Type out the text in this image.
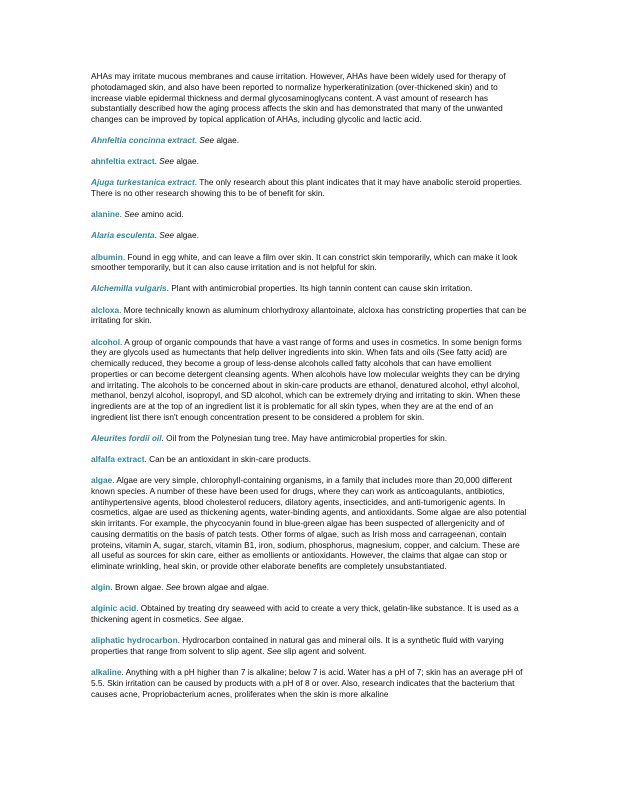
AHAs may irritate mucous membranes and cause irritation. However, AHAs have been widely used for therapy of photodamaged skin, and also have been reported to normalize hyperkeratinization (over-thickened skin) and to increase viable epidermal thickness and dermal glycosaminoglycans content. A vast amount of research has substantially described how the aging process affects the skin and has demonstrated that many of the unwanted changes can be improved by topical application of AHAs, including glycolic and lactic acid.

Ahnfeltia concinna extract. See algae.

ahnfeltia extract. See algae.

Ajuga turkestanica extract. The only research about this plant indicates that it may have anabolic steroid properties. There is no other research showing this to be of benefit for skin.

alanine. See amino acid.

Alaria esculenta. See algae.

albumin. Found in egg white, and can leave a film over skin. It can constrict skin temporarily, which can make it look smoother temporarily, but it can also cause irritation and is not helpful for skin.

Alchemilla vulgaris. Plant with antimicrobial properties. Its high tannin content can cause skin irritation.

alcloxa. More technically known as aluminum chlorhydroxy allantoinate, alcloxa has constricting properties that can be irritating for skin.

alcohol. A group of organic compounds that have a vast range of forms and uses in cosmetics. In some benign forms they are glycols used as humectants that help deliver ingredients into skin. When fats and oils (See fatty acid) are chemically reduced, they become a group of less-dense alcohols called fatty alcohols that can have emollient properties or can become detergent cleansing agents. When alcohols have low molecular weights they can be drying and irritating. The alcohols to be concerned about in skin-care products are ethanol, denatured alcohol, ethyl alcohol, methanol, benzyl alcohol, isopropyl, and SD alcohol, which can be extremely drying and irritating to skin. When these ingredients are at the top of an ingredient list it is problematic for all skin types, when they are at the end of an ingredient list there isn't enough concentration present to be considered a problem for skin.

Aleurites fordii oil. Oil from the Polynesian tung tree. May have antimicrobial properties for skin.

alfalfa extract. Can be an antioxidant in skin-care products.

algae. Algae are very simple, chlorophyll-containing organisms, in a family that includes more than 20,000 different known species. A number of these have been used for drugs, where they can work as anticoagulants, antibiotics, antihypertensive agents, blood cholesterol reducers, dilatory agents, insecticides, and anti-tumorigenic agents. In cosmetics, algae are used as thickening agents, water-binding agents, and antioxidants. Some algae are also potential skin irritants. For example, the phycocyanin found in blue-green algae has been suspected of allergenicity and of causing dermatitis on the basis of patch tests. Other forms of algae, such as Irish moss and carrageenan, contain proteins, vitamin A, sugar, starch, vitamin B1, iron, sodium, phosphorus, magnesium, copper, and calcium. These are all useful as sources for skin care, either as emollients or antioxidants. However, the claims that algae can stop or eliminate wrinkling, heal skin, or provide other elaborate benefits are completely unsubstantiated.

algin. Brown algae. See brown algae and algae.

alginic acid. Obtained by treating dry seaweed with acid to create a very thick, gelatin-like substance. It is used as a thickening agent in cosmetics. See algae.

aliphatic hydrocarbon. Hydrocarbon contained in natural gas and mineral oils. It is a synthetic fluid with varying properties that range from solvent to slip agent. See slip agent and solvent.

alkaline. Anything with a pH higher than 7 is alkaline; below 7 is acid. Water has a pH of 7; skin has an average pH of 5.5. Skin irritation can be caused by products with a pH of 8 or over. Also, research indicates that the bacterium that causes acne, Propriobacterium acnes, proliferates when the skin is more alkaline
